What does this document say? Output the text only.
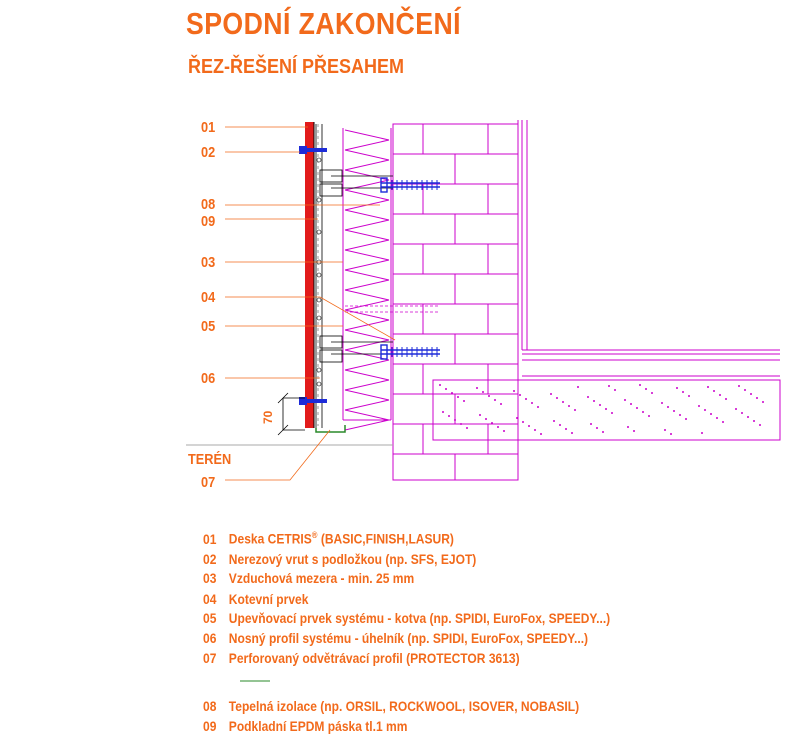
SPODNÍ ZAKONČENÍ
ŘEZ-ŘEŠENÍ PŘESAHEM
70
01
02
08
09
03
04
05
06
TERÉN
07
01 Deska CETRIS® (BASIC,FINISH,LASUR)
02 Nerezový vrut s podložkou (np. SFS, EJOT)
03 Vzduchová mezera - min. 25 mm
04 Kotevní prvek
05 Upevňovací prvek systému - kotva (np. SPIDI, EuroFox, SPEEDY...)
06 Nosný profil systému - úhelník (np. SPIDI, EuroFox, SPEEDY...)
07 Perforovaný odvětrávací profil (PROTECTOR 3613)
08 Tepelná izolace (np. ORSIL, ROCKWOOL, ISOVER, NOBASIL)
09 Podkladní EPDM páska tl.1 mm
